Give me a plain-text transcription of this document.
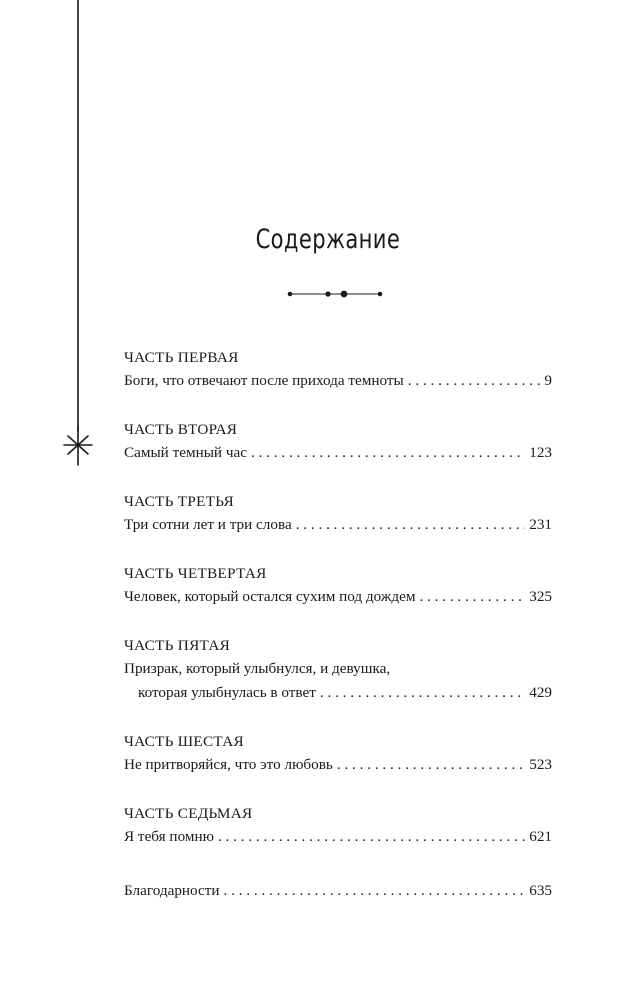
Содержание
ЧАСТЬ ПЕРВАЯ
Боги, что отвечают после прихода темноты . . .	9
ЧАСТЬ ВТОРАЯ
Самый темный час . . .	123
ЧАСТЬ ТРЕТЬЯ
Три сотни лет и три слова . . .	231
ЧАСТЬ ЧЕТВЕРТАЯ
Человек, который остался сухим под дождем . . .	325
ЧАСТЬ ПЯТАЯ
Призрак, который улыбнулся, и девушка,
которая улыбнулась в ответ . . .	429
ЧАСТЬ ШЕСТАЯ
Не притворяйся, что это любовь . . .	523
ЧАСТЬ СЕДЬМАЯ
Я тебя помню . . .	621
Благодарности . . .	635
